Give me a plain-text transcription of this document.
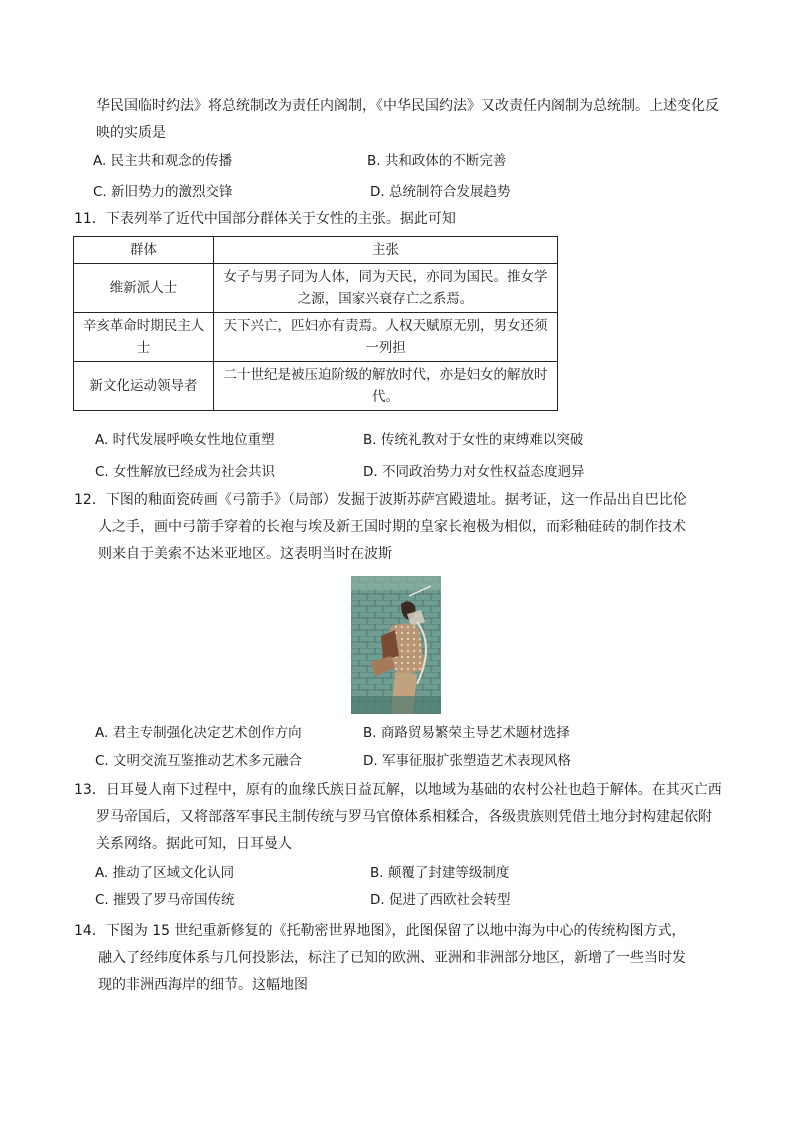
华民国临时约法》将总统制改为责任内阁制，《中华民国约法》又改责任内阁制为总统制。上述变化反
映的实质是
A. 民主共和观念的传播	B. 共和政体的不断完善
C. 新旧势力的激烈交锋	D. 总统制符合发展趋势
11．下表列举了近代中国部分群体关于女性的主张。据此可知
群体	主张
维新派人士	女子与男子同为人体，同为天民，亦同为国民。推女学
之源，国家兴衰存亡之系焉。
辛亥革命时期民主人
士	天下兴亡，匹妇亦有责焉。人权天赋原无别，男女还须
一列担
新文化运动领导者	二十世纪是被压迫阶级的解放时代，亦是妇女的解放时
代。
A. 时代发展呼唤女性地位重塑	B. 传统礼教对于女性的束缚难以突破
C. 女性解放已经成为社会共识	D. 不同政治势力对女性权益态度迥异
12．下图的釉面瓷砖画《弓箭手》（局部）发掘于波斯苏萨宫殿遗址。据考证，这一作品出自巴比伦
人之手，画中弓箭手穿着的长袍与埃及新王国时期的皇家长袍极为相似，而彩釉硅砖的制作技术
则来自于美索不达米亚地区。这表明当时在波斯
A. 君主专制强化决定艺术创作方向	B. 商路贸易繁荣主导艺术题材选择
C. 文明交流互鉴推动艺术多元融合	D. 军事征服扩张塑造艺术表现风格
13．日耳曼人南下过程中，原有的血缘氏族日益瓦解，以地域为基础的农村公社也趋于解体。在其灭亡西
罗马帝国后，又将部落军事民主制传统与罗马官僚体系相糅合，各级贵族则凭借土地分封构建起依附
关系网络。据此可知，日耳曼人
A. 推动了区域文化认同	B. 颠覆了封建等级制度
C. 摧毁了罗马帝国传统	D. 促进了西欧社会转型
14．下图为 15 世纪重新修复的《托勒密世界地图》，此图保留了以地中海为中心的传统构图方式，
融入了经纬度体系与几何投影法，标注了已知的欧洲、亚洲和非洲部分地区，新增了一些当时发
现的非洲西海岸的细节。这幅地图
